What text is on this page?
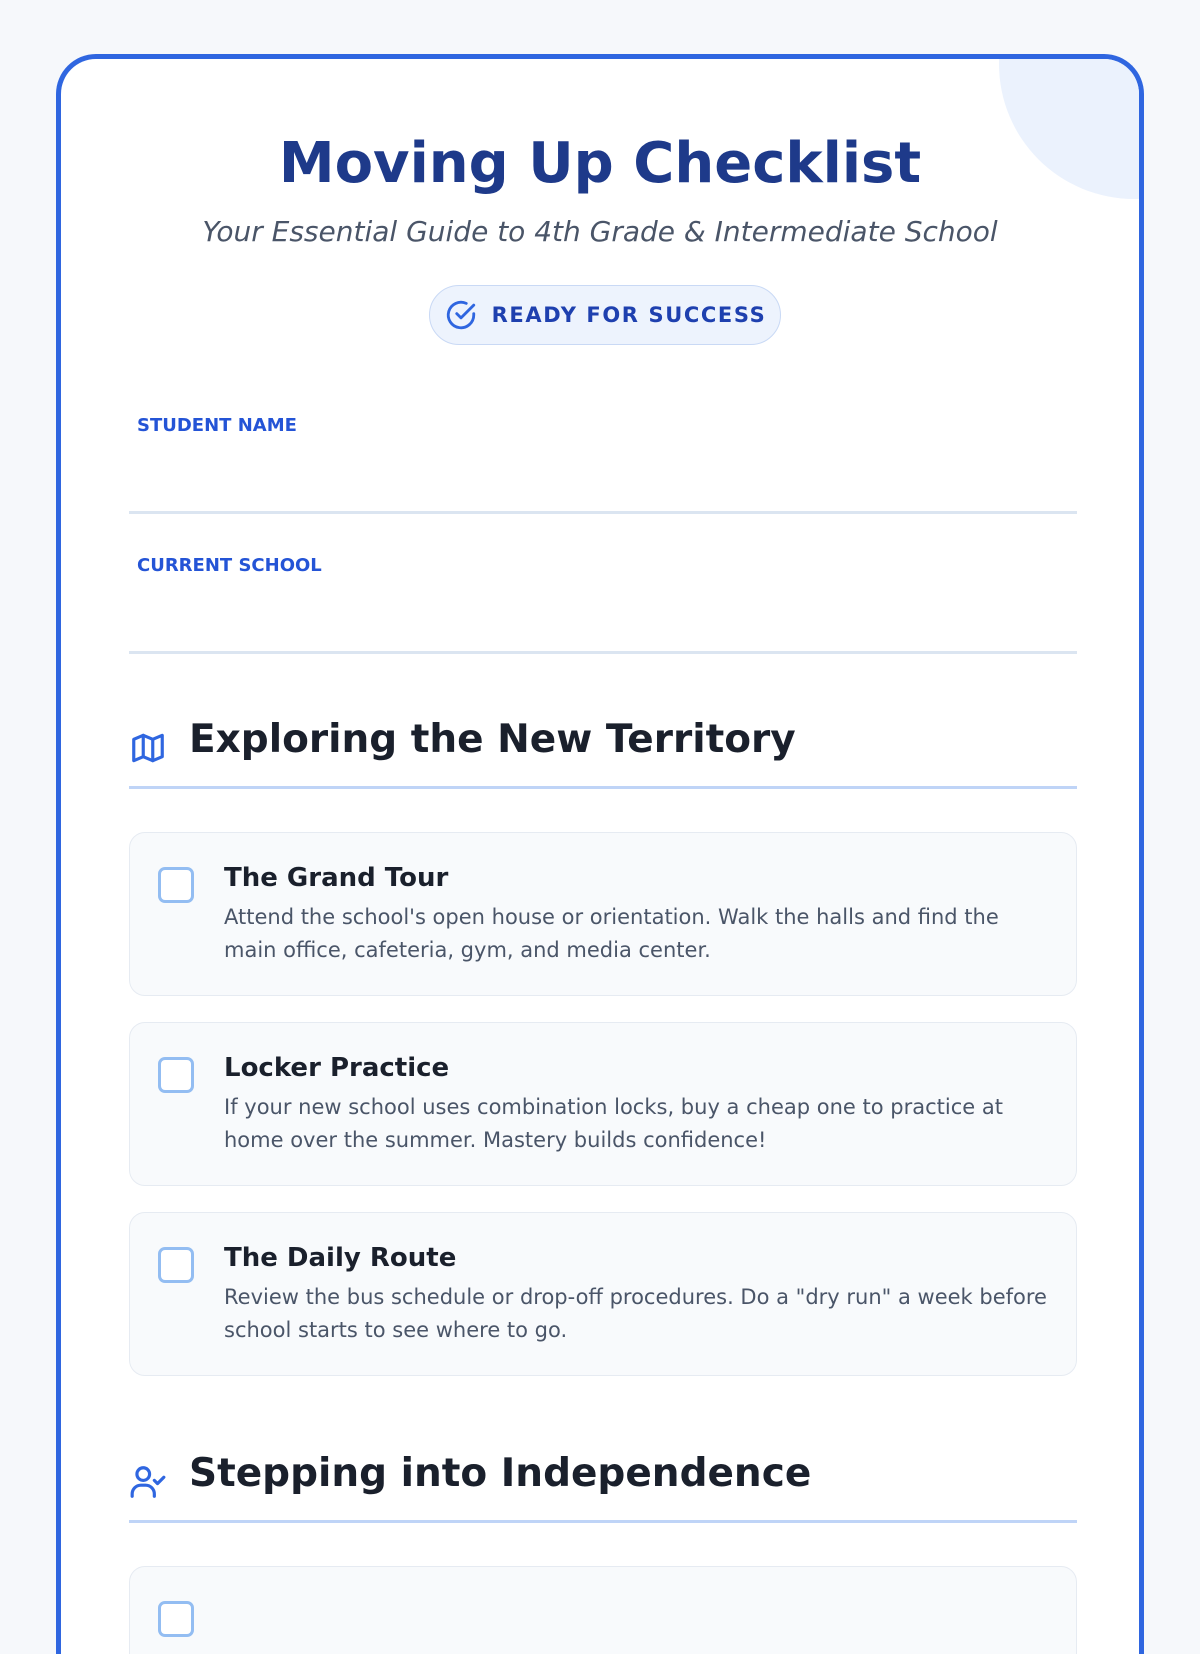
Moving Up Checklist
Your Essential Guide to 4th Grade & Intermediate School
READY FOR SUCCESS
STUDENT NAME
CURRENT SCHOOL
Exploring the New Territory
The Grand Tour
Attend the school's open house or orientation. Walk the halls and find the main office, cafeteria, gym, and media center.
Locker Practice
If your new school uses combination locks, buy a cheap one to practice at home over the summer. Mastery builds confidence!
The Daily Route
Review the bus schedule or drop-off procedures. Do a "dry run" a week before school starts to see where to go.
Stepping into Independence
